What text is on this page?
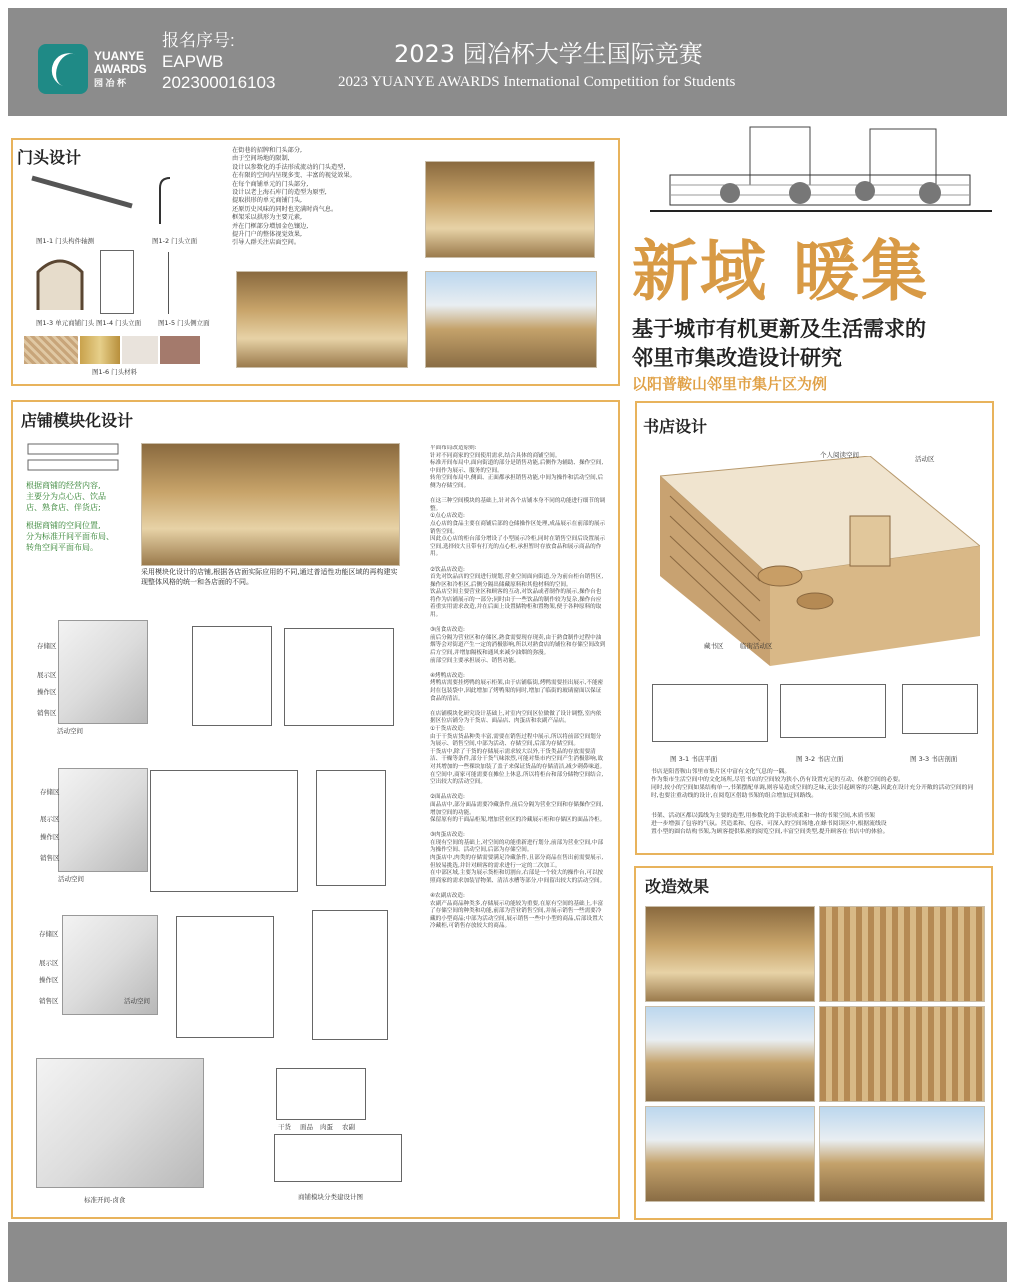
YUANYE
AWARDS
园 冶 杯
报名序号:
EAPWB
202300016103
2023 园冶杯大学生国际竞赛
2023 YUANYE AWARDS International Competition for Students
门头设计
图1-1 门头构件轴测	图1-2 门头立面
图1-3 单元商铺门头 图1-4 门头立面	图1-5 门头侧立面
图1-6 门头材料
在街巷的招牌和门头部分,
由于空间场地的限制,
设计以参数化的手法形成流动的门头造型,
在有限的空间内呈现多变、丰富的视觉效果。
在每个商铺单元的门头部分,
设计以老上海石库门的造型为原型,
提取拱形的单元商铺门头,
还原历史风味的同时也充满时尚气息。
框架采以拱形为主要元素,
并在门框部分增加金色镶边,
提升门户的整体视觉效果,
引导人群关注店面空间。	新域 暖集
基于城市有机更新及生活需求的
邻里市集改造设计研究
以阳普鞍山邻里市集片区为例
店铺模块化设计
根据商铺的经营内容,
主要分为点心店、饮品
店、熟食店、伴货店;
根据商铺的空间位置,
分为标准开间平面布局、
转角空间平面布局。
采用模块化设计的店铺,根据各店面实际应用的不同,通过普适性功能区域的再构建实现整体风格的统一和各店面的不同。
平面布局改造原则:
针对不同商家的空间使用需求,结合具体的商铺空间。
标准开间布局中,面向街道的部分是销售功能,后侧作为辅助、操作空间,中间作为展示、服务的空间。
转角空间布局中,侧面、正面都承担销售功能,中间为操作和活动空间,后侧为存储空间。

在这三种空间模块的基础上,针对各个店铺本身不同的功能进行细节的调整。
①点心店改造:
点心店的食品主要在商铺后部的仓储操作区处理,成品展示在前部的展示销售空间。
因此点心店的柜台部分增设了小型展示冷柜,同时在销售空间后设置展示空间,选择较大且带有打光的点心柜,承担暂时存放食品和展示商品的作用。

②饮品店改造:
首先对饮品店的空间进行规划,营业空间面向街道,分为前台柜台销售区,操作区和冷柜区,后侧分隔出储藏原料和其他材料的空间。
饮品店空间主要营业区和顾客的互动,对饮品或者制作的展示,操作台也将作为店铺展示的一部分;同时由于一些饮品的制作较为复杂,操作台应着重实用需求改造,并在后面上设置储物柜和置物架,便于各种原料的取用。

③卤食店改造:
前后分隔为营业区和存储区,熟食需要现存现卖,由于熟食制作过程中油烟等会对街道产生一定的消极影响,所以对熟食店的铺位和存储空间改到后方空间,并增加隔板和通风来减少油烟的弥漫。
前部空间主要承担展示、销售功能。

④烤鸭店改造:
烤鸭店需要挂烤鸭的展示柜架,由于店铺临街,烤鸭需要挂出展示,不能密封在包装袋中,因此增加了烤鸭架的同时,增加了临街的玻璃窗面以保证食品的清洁。

在店铺模块化研究设计基础上,对室内空间区位做做了设计调整,室内依据区位店铺分为干货店、面品店、肉蛋店和农副产品店。
①干货店改造:
由于干货店货品种类丰富,需要在销售过程中展示,所以将前部空间划分为展示、销售空间,中部为活动、存储空间,后部为存储空间。
干货店中,除了干货的存储展示需求较大以外,干货类品的存放需要清洁、干燥等条件,部分干货气味浓烈,可能对集市内空间产生消极影响,故对其增加的一些裸块加装了盖子来保证货品的存储清洁,减少刺鼻味道。
在空间中,商家可能需要在摊位上休息,所以将柜台和部分储物空间结合,空出较大的活动空间。

②面品店改造:
面品店中,部分面品需要冷藏条件,前后分隔为营业空间和存储操作空间,增加空间的功能。
保留原有的干面品柜架,增加营业区的冷藏展示柜和存储区的面品冷柜。

③肉蛋店改造:
在现有空间的基础上,对空间的功能重新进行划分,前部为营业空间,中部为操作空间、活动空间,后部为存储空间。
肉蛋店中,肉类的存储需要满足冷藏条件,且部分商品在售出前需要展示,但较易挑选,并针对顾客的需求进行一定的二次加工。
在中部区域,主要为展示货柜和切割台,右部是一个较大的操作台,可以按照商家的需求加装冒物架、清洁水槽等部分,中间留出较大的活动空间。

④农副店改造:
农副产品商品种类多,存储展示功能较为重要,在原有空间的基础上,丰富了存储空间的种类和功能,前部为营业销售空间,并展示销售一些需要冷藏的小型商品;中部为活动空间,展示销售一些中小型的商品,后部设置大冷藏柜,可销售存放较大的商品。
存储区
展示区
操作区
销售区
活动空间
存储区
展示区
操作区
销售区
活动空间
存储区
展示区
操作区
销售区	活动空间
标准开间-卤食
干货 面品 肉蛋 农副
商铺模块分类建设计图
书店设计
个人阅读空间	活动区
藏书区	临街活动区
图 3-1 书店平面	图 3-2 书店立面	图 3-3 书店剖面
书店是阳普鞍山邻里市集片区中富有文化气息的一隅。
作为集市生活空间中的文化场所,尽管书店的空间较为狭小,仍有设置充足的互动、休憩空间的必要。
同时,较小的空间如果结构单一,书架摆配单调,则容易造成空间的乏味,无法引起顾客的兴趣,因此在设计充分开敞的活动空间的同时,也要注重动线的设计,在阅览区借助书架的组合增加迂回路线。
书架、活动区都以弧线为主要的造型,用参数化的手法形成柔和一体的书架空间,木质书架
进一步增强了包容的气氛。营造柔和、包容、可深入的空间场地,在蜂书阅读区中,根据流线设
置小型的圆台结构书架,为顾客提供私密的阅览空间,丰富空间类型,提升顾客在书店中的体验。
改造效果
